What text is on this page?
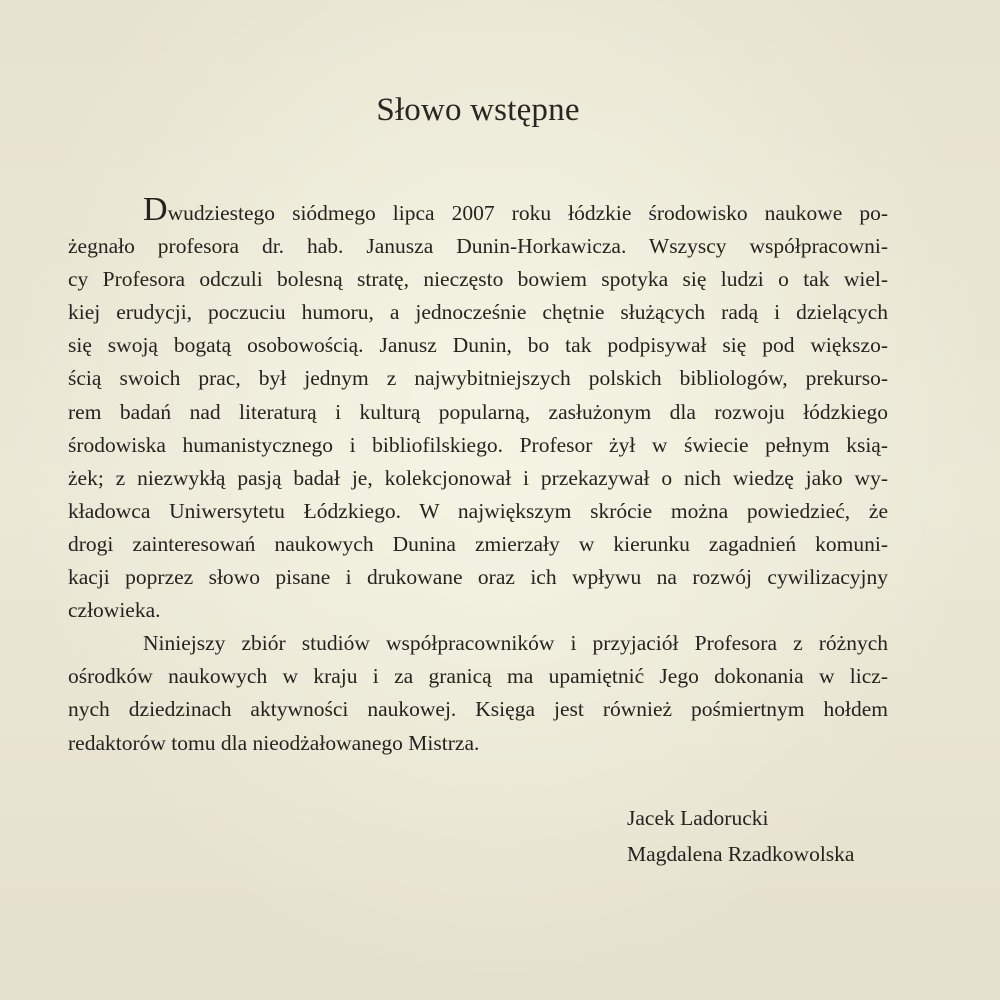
Słowo wstępne
Dwudziestego siódmego lipca 2007 roku łódzkie środowisko naukowe po-
żegnało profesora dr. hab. Janusza Dunin-Horkawicza. Wszyscy współpracowni-
cy Profesora odczuli bolesną stratę, nieczęsto bowiem spotyka się ludzi o tak wiel-
kiej erudycji, poczuciu humoru, a jednocześnie chętnie służących radą i dzielących
się swoją bogatą osobowością. Janusz Dunin, bo tak podpisywał się pod większo-
ścią swoich prac, był jednym z najwybitniejszych polskich bibliologów, prekurso-
rem badań nad literaturą i kulturą popularną, zasłużonym dla rozwoju łódzkiego
środowiska humanistycznego i bibliofilskiego. Profesor żył w świecie pełnym ksią-
żek; z niezwykłą pasją badał je, kolekcjonował i przekazywał o nich wiedzę jako wy-
kładowca Uniwersytetu Łódzkiego. W największym skrócie można powiedzieć, że
drogi zainteresowań naukowych Dunina zmierzały w kierunku zagadnień komuni-
kacji poprzez słowo pisane i drukowane oraz ich wpływu na rozwój cywilizacyjny
człowieka.
Niniejszy zbiór studiów współpracowników i przyjaciół Profesora z różnych
ośrodków naukowych w kraju i za granicą ma upamiętnić Jego dokonania w licz-
nych dziedzinach aktywności naukowej. Księga jest również pośmiertnym hołdem
redaktorów tomu dla nieodżałowanego Mistrza.
Jacek Ladorucki
Magdalena Rzadkowolska
